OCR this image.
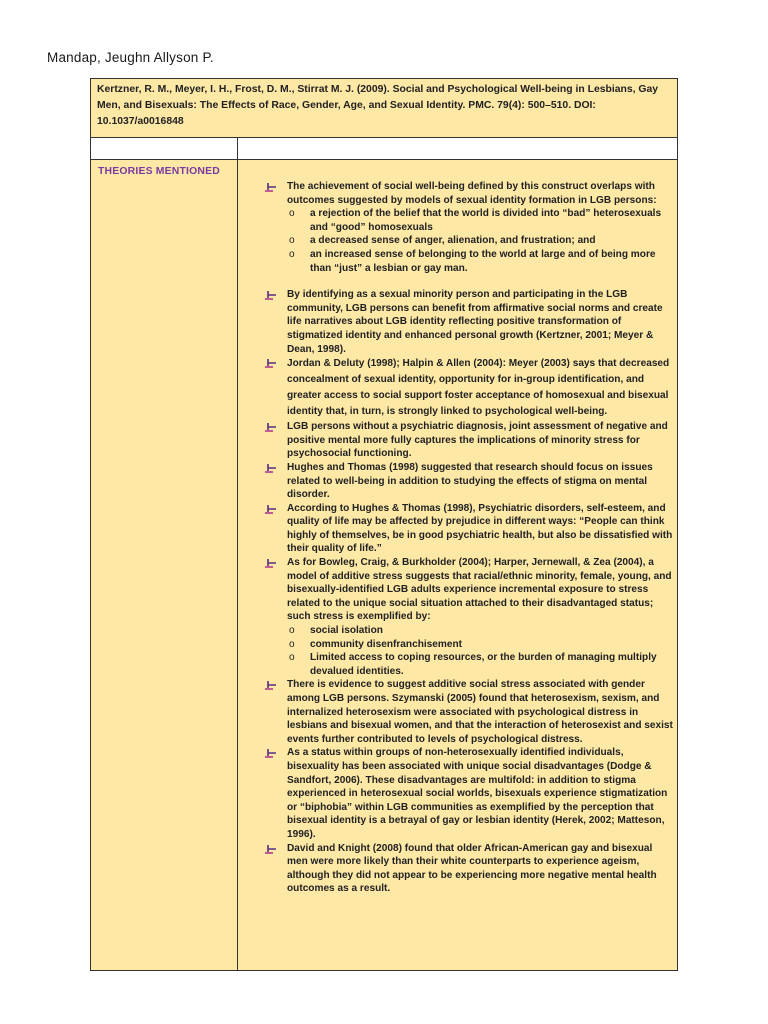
Mandap, Jeughn Allyson P.
Kertzner, R. M., Meyer, I. H., Frost, D. M., Stirrat M. J. (2009). Social and Psychological Well-being in Lesbians, Gay Men, and Bisexuals: The Effects of Race, Gender, Age, and Sexual Identity. PMC. 79(4): 500–510. DOI: 10.1037/a0016848
THEORIES MENTIONED
The achievement of social well-being defined by this construct overlaps with outcomes suggested by models of sexual identity formation in LGB persons:
o a rejection of the belief that the world is divided into “bad” heterosexuals and “good” homosexuals
o a decreased sense of anger, alienation, and frustration; and
o an increased sense of belonging to the world at large and of being more than “just” a lesbian or gay man.
By identifying as a sexual minority person and participating in the LGB community, LGB persons can benefit from affirmative social norms and create life narratives about LGB identity reflecting positive transformation of stigmatized identity and enhanced personal growth (Kertzner, 2001; Meyer & Dean, 1998).
Jordan & Deluty (1998); Halpin & Allen (2004): Meyer (2003) says that decreased concealment of sexual identity, opportunity for in-group identification, and greater access to social support foster acceptance of homosexual and bisexual identity that, in turn, is strongly linked to psychological well-being.
LGB persons without a psychiatric diagnosis, joint assessment of negative and positive mental more fully captures the implications of minority stress for psychosocial functioning.
Hughes and Thomas (1998) suggested that research should focus on issues related to well-being in addition to studying the effects of stigma on mental disorder.
According to Hughes & Thomas (1998), Psychiatric disorders, self-esteem, and quality of life may be affected by prejudice in different ways: “People can think highly of themselves, be in good psychiatric health, but also be dissatisfied with their quality of life.”
As for Bowleg, Craig, & Burkholder (2004); Harper, Jernewall, & Zea (2004), a model of additive stress suggests that racial/ethnic minority, female, young, and bisexually-identified LGB adults experience incremental exposure to stress related to the unique social situation attached to their disadvantaged status; such stress is exemplified by:
o social isolation
o community disenfranchisement
o Limited access to coping resources, or the burden of managing multiply devalued identities.
There is evidence to suggest additive social stress associated with gender among LGB persons. Szymanski (2005) found that heterosexism, sexism, and internalized heterosexism were associated with psychological distress in lesbians and bisexual women, and that the interaction of heterosexist and sexist events further contributed to levels of psychological distress.
As a status within groups of non-heterosexually identified individuals, bisexuality has been associated with unique social disadvantages (Dodge & Sandfort, 2006). These disadvantages are multifold: in addition to stigma experienced in heterosexual social worlds, bisexuals experience stigmatization or “biphobia” within LGB communities as exemplified by the perception that bisexual identity is a betrayal of gay or lesbian identity (Herek, 2002; Matteson, 1996).
David and Knight (2008) found that older African-American gay and bisexual men were more likely than their white counterparts to experience ageism, although they did not appear to be experiencing more negative mental health outcomes as a result.
